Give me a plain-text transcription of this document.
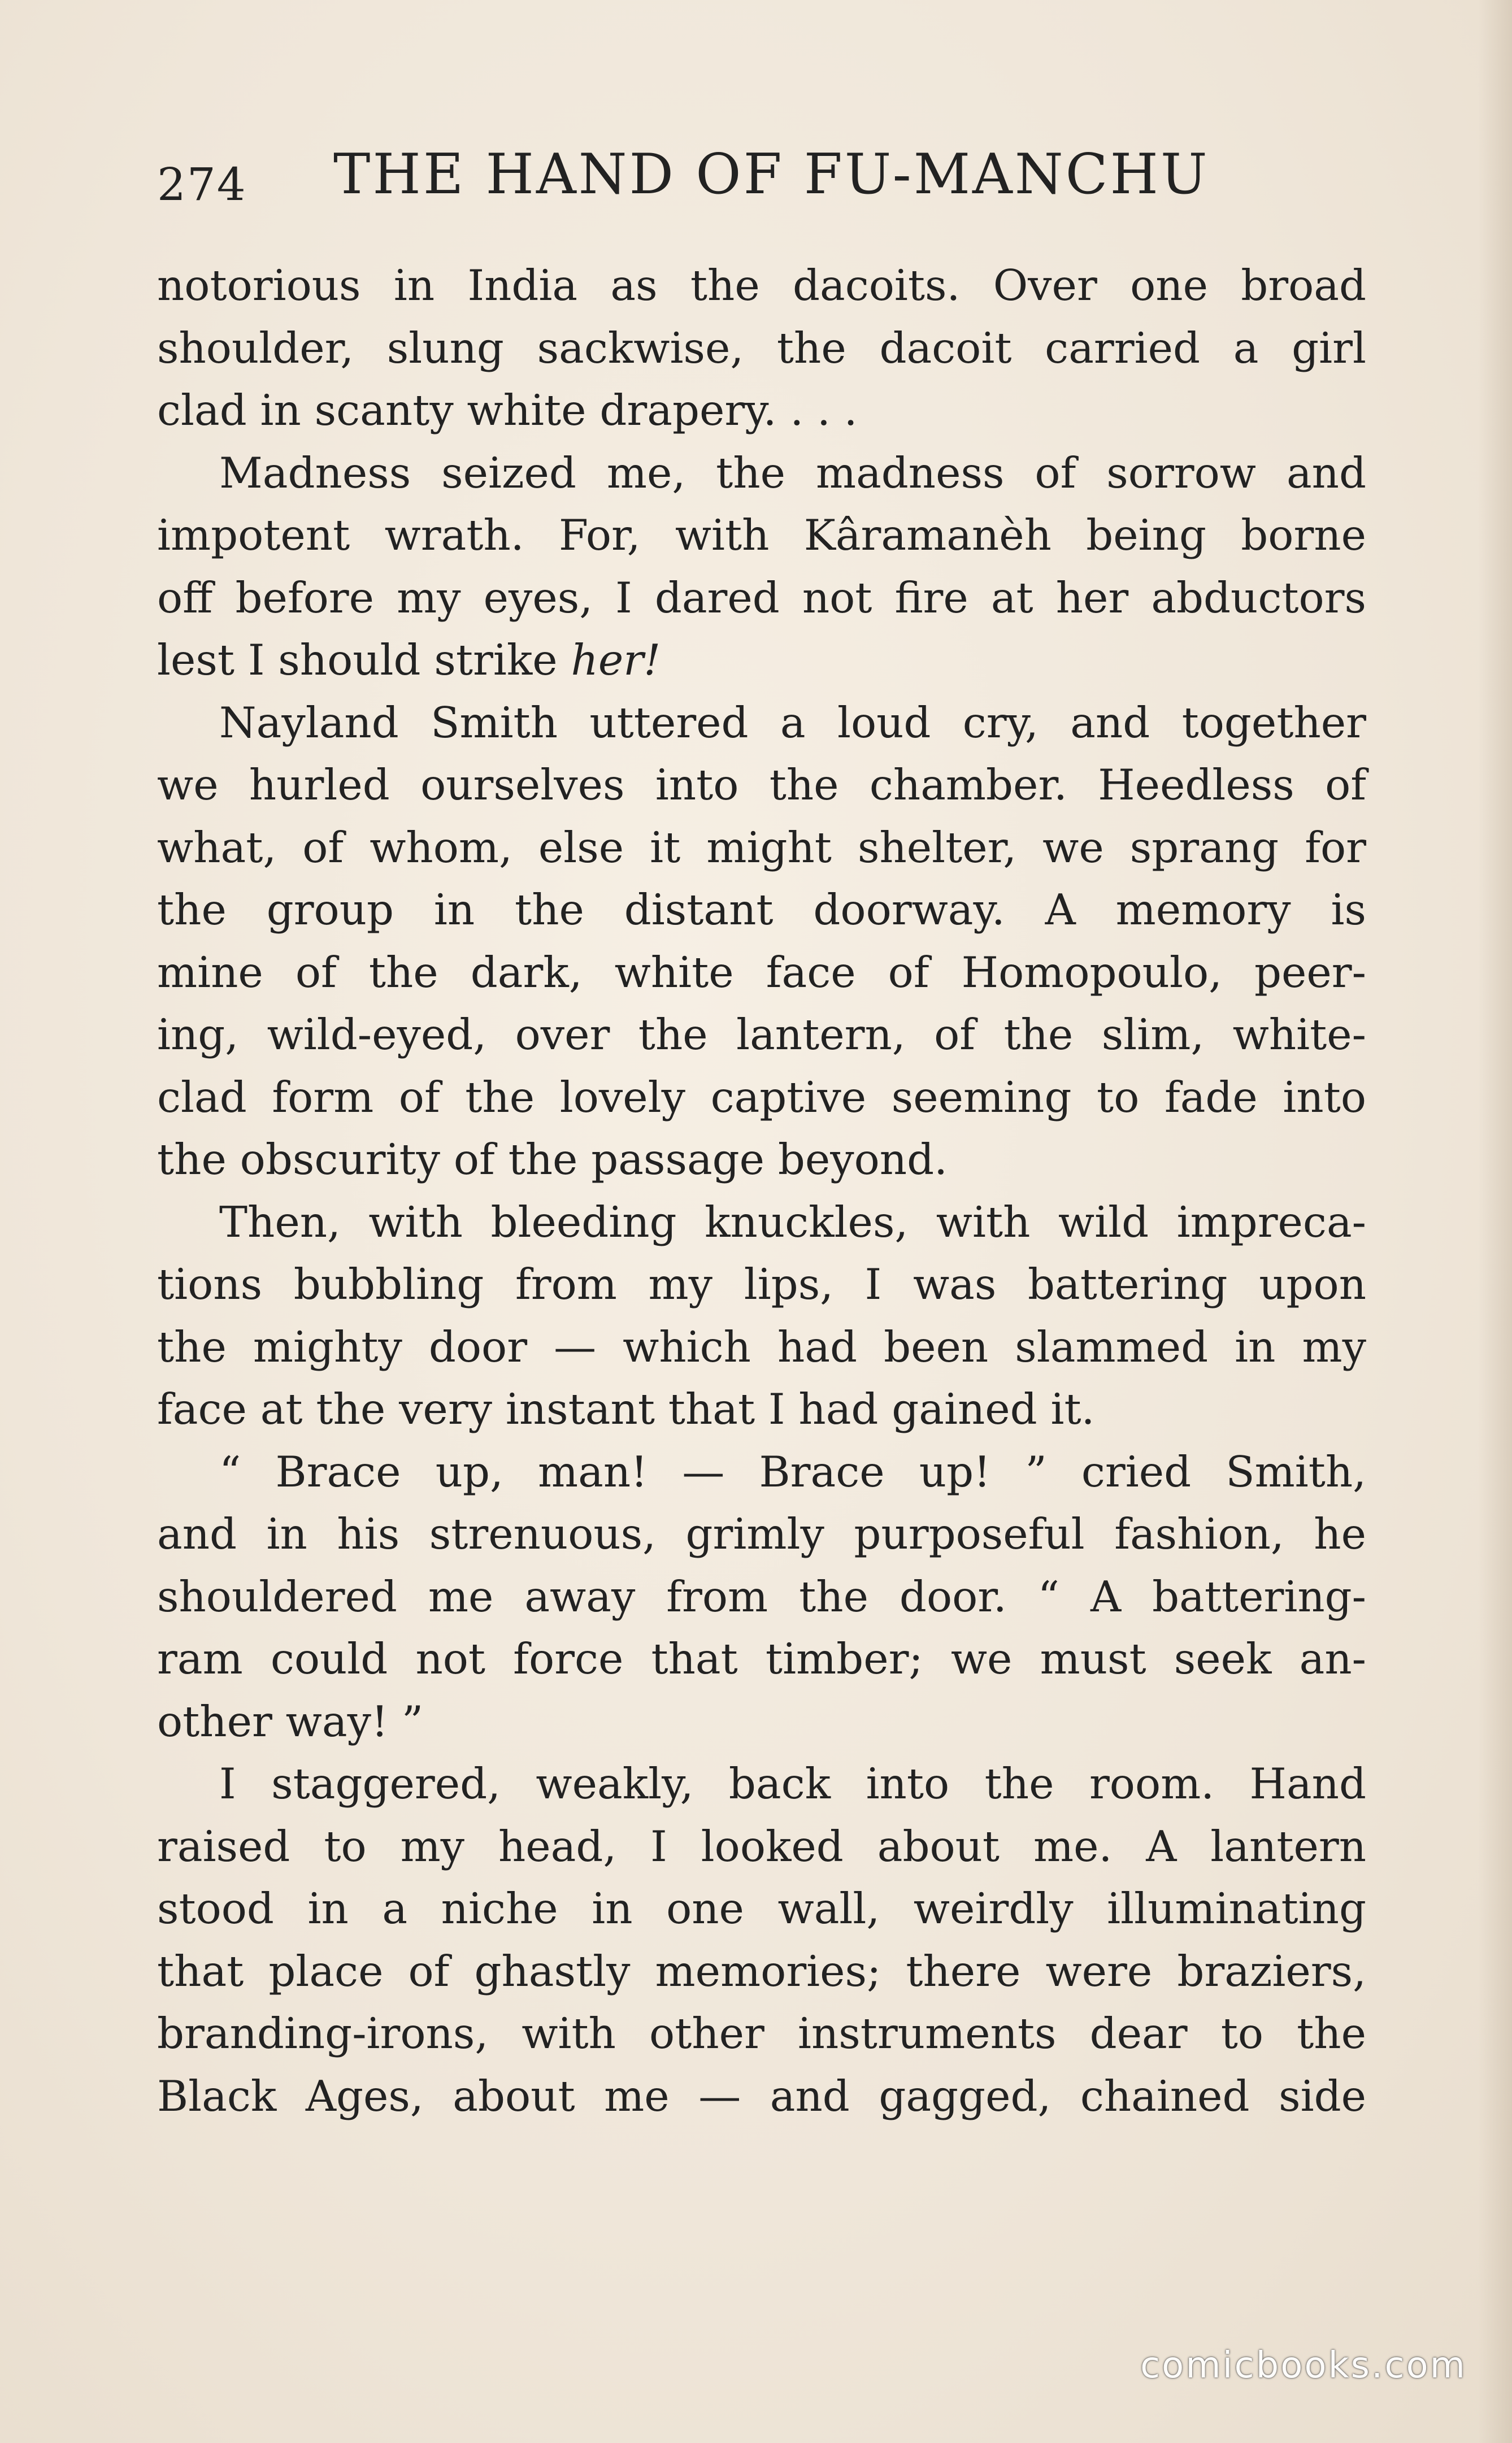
274 THE HAND OF FU-MANCHU
notorious in India as the dacoits. Over one broad
shoulder, slung sackwise, the dacoit carried a girl
clad in scanty white drapery. . . .
Madness seized me, the madness of sorrow and
impotent wrath. For, with Kâramanèh being borne
off before my eyes, I dared not fire at her abductors
lest I should strike her!
Nayland Smith uttered a loud cry, and together
we hurled ourselves into the chamber. Heedless of
what, of whom, else it might shelter, we sprang for
the group in the distant doorway. A memory is
mine of the dark, white face of Homopoulo, peer-
ing, wild-eyed, over the lantern, of the slim, white-
clad form of the lovely captive seeming to fade into
the obscurity of the passage beyond.
Then, with bleeding knuckles, with wild impreca-
tions bubbling from my lips, I was battering upon
the mighty door — which had been slammed in my
face at the very instant that I had gained it.
“ Brace up, man! — Brace up! ” cried Smith,
and in his strenuous, grimly purposeful fashion, he
shouldered me away from the door. “ A battering-
ram could not force that timber; we must seek an-
other way! ”
I staggered, weakly, back into the room. Hand
raised to my head, I looked about me. A lantern
stood in a niche in one wall, weirdly illuminating
that place of ghastly memories; there were braziers,
branding-irons, with other instruments dear to the
Black Ages, about me — and gagged, chained side
comicbooks.com
